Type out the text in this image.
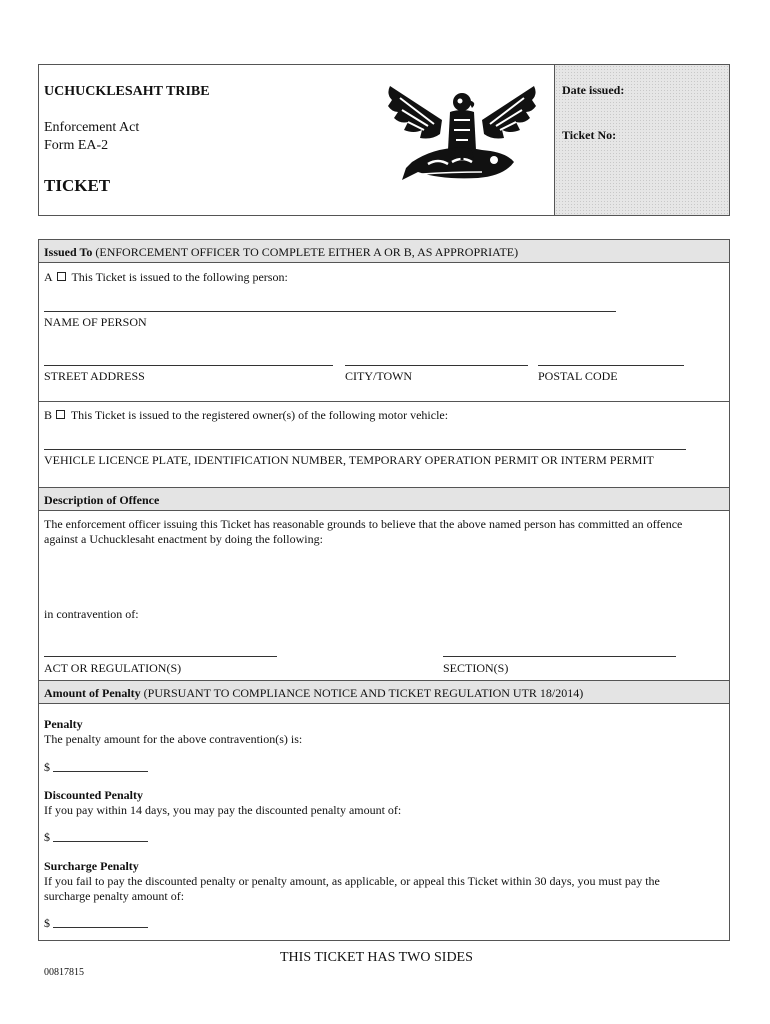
UCHUCKLESAHT TRIBE
Enforcement Act
Form EA-2
TICKET
Date issued:
Ticket No:
Issued To (ENFORCEMENT OFFICER TO COMPLETE EITHER A OR B, AS APPROPRIATE)
A This Ticket is issued to the following person:
NAME OF PERSON
STREET ADDRESS	CITY/TOWN	POSTAL CODE
B This Ticket is issued to the registered owner(s) of the following motor vehicle:
VEHICLE LICENCE PLATE, IDENTIFICATION NUMBER, TEMPORARY OPERATION PERMIT OR INTERM PERMIT
Description of Offence
The enforcement officer issuing this Ticket has reasonable grounds to believe that the above named person has committed an offence
against a Uchucklesaht enactment by doing the following:
in contravention of:
ACT OR REGULATION(S)	SECTION(S)
Amount of Penalty (PURSUANT TO COMPLIANCE NOTICE AND TICKET REGULATION UTR 18/2014)
Penalty
The penalty amount for the above contravention(s) is:
$
Discounted Penalty
If you pay within 14 days, you may pay the discounted penalty amount of:
$
Surcharge Penalty
If you fail to pay the discounted penalty or penalty amount, as applicable, or appeal this Ticket within 30 days, you must pay the
surcharge penalty amount of:
$
THIS TICKET HAS TWO SIDES
00817815
